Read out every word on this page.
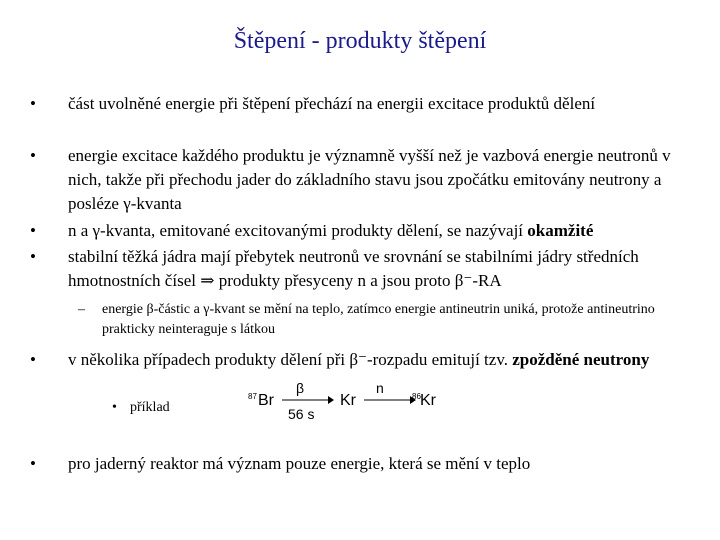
Štěpení - produkty štěpení
• část uvolněné energie při štěpení přechází na energii excitace produktů dělení
• energie excitace každého produktu je významně vyšší než je vazbová energie neutronů v nich, takže při přechodu jader do základního stavu jsou zpočátku emitovány neutrony a posléze γ-kvanta
• n a γ-kvanta, emitované excitovanými produkty dělení, se nazývají okamžité
• stabilní těžká jádra mají přebytek neutronů ve srovnání se stabilními jádry středních hmotnostních čísel ⇒ produkty přesyceny n a jsou proto β⁻-RA
– energie β-částic a γ-kvant se mění na teplo, zatímco energie antineutrin uniká, protože antineutrino prakticky neinteraguje s látkou
• v několika případech produkty dělení při β⁻-rozpadu emitují tzv. zpožděné neutrony
• příklad
87 Br
β
56 s
Kr
n
86 Kr
• pro jaderný reaktor má význam pouze energie, která se mění v teplo
